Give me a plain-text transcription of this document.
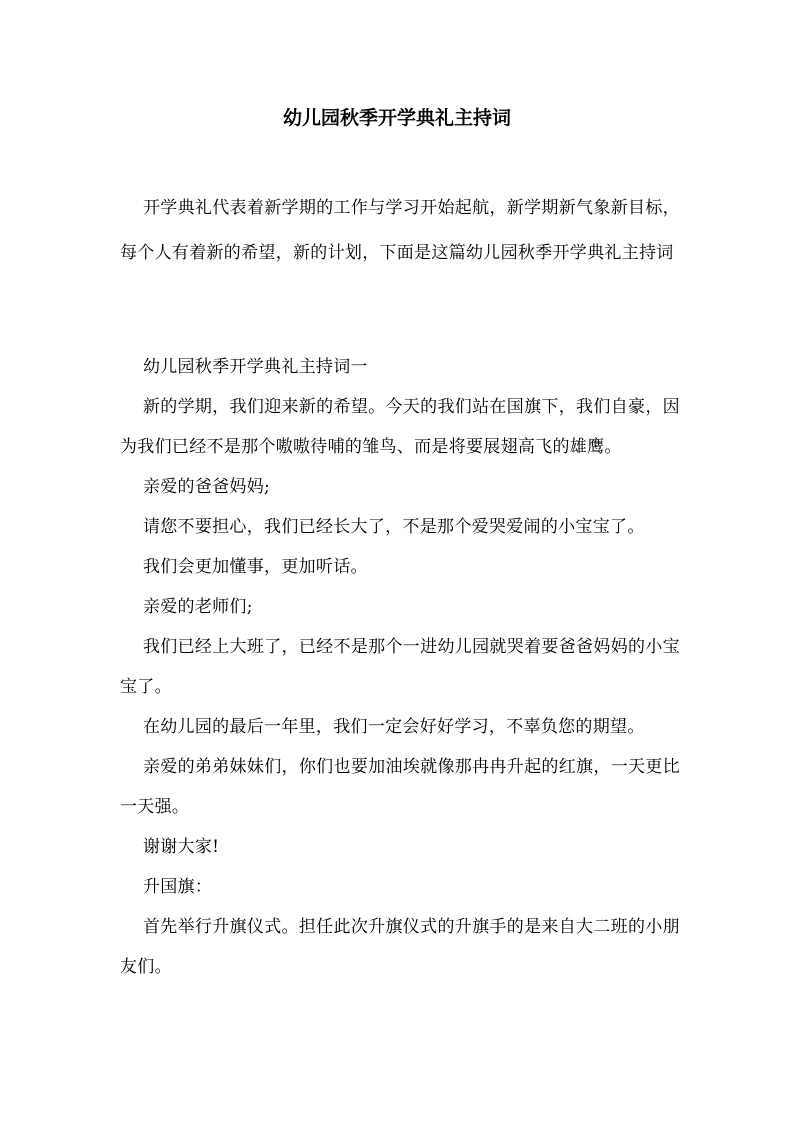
幼儿园秋季开学典礼主持词

开学典礼代表着新学期的工作与学习开始起航，新学期新气象新目标，每个人有着新的希望，新的计划，下面是这篇幼儿园秋季开学典礼主持词

幼儿园秋季开学典礼主持词一

新的学期，我们迎来新的希望。今天的我们站在国旗下，我们自豪，因为我们已经不是那个嗷嗷待哺的雏鸟、而是将要展翅高飞的雄鹰。

亲爱的爸爸妈妈;

请您不要担心，我们已经长大了，不是那个爱哭爱闹的小宝宝了。

我们会更加懂事，更加听话。

亲爱的老师们;

我们已经上大班了，已经不是那个一进幼儿园就哭着要爸爸妈妈的小宝宝了。

在幼儿园的最后一年里，我们一定会好好学习，不辜负您的期望。

亲爱的弟弟妹妹们，你们也要加油埃就像那冉冉升起的红旗，一天更比一天强。

谢谢大家!

升国旗：

首先举行升旗仪式。担任此次升旗仪式的升旗手的是来自大二班的小朋友们。
